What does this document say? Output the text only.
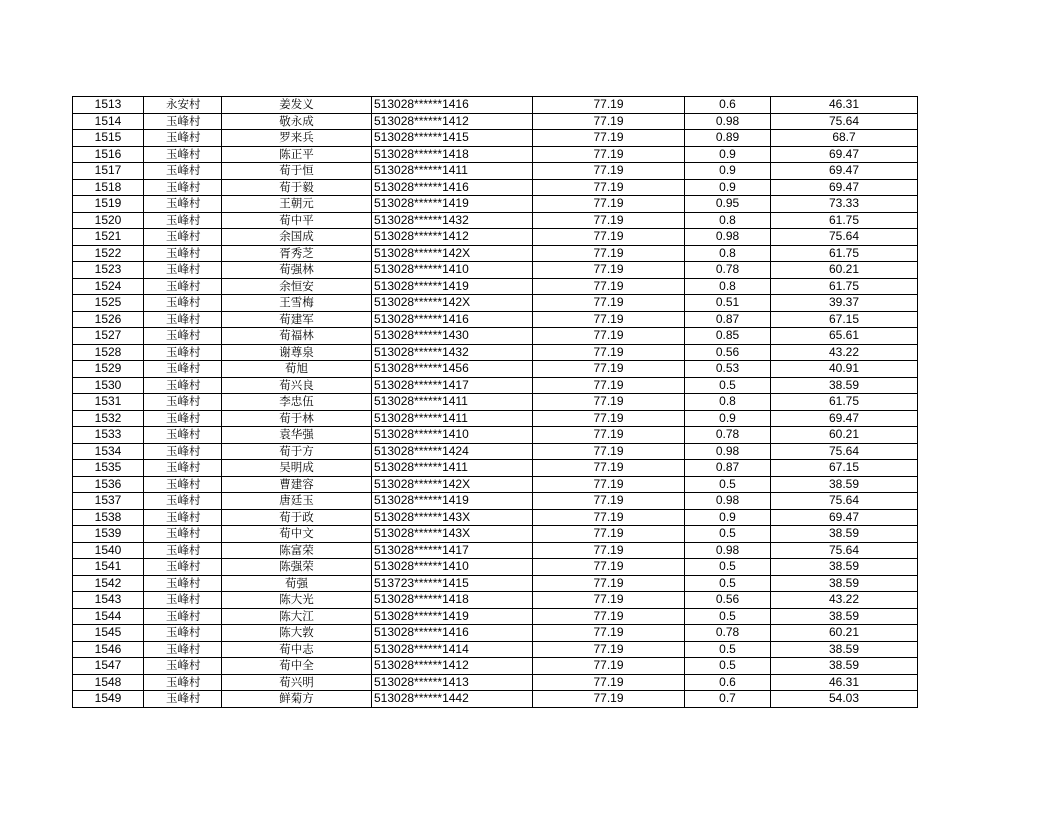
1513	永安村	姜发义	513028******1416	77.19	0.6	46.31
1514	玉峰村	敬永成	513028******1412	77.19	0.98	75.64
1515	玉峰村	罗来兵	513028******1415	77.19	0.89	68.7
1516	玉峰村	陈正平	513028******1418	77.19	0.9	69.47
1517	玉峰村	荀于恒	513028******1411	77.19	0.9	69.47
1518	玉峰村	荀于毅	513028******1416	77.19	0.9	69.47
1519	玉峰村	王朝元	513028******1419	77.19	0.95	73.33
1520	玉峰村	荀中平	513028******1432	77.19	0.8	61.75
1521	玉峰村	余国成	513028******1412	77.19	0.98	75.64
1522	玉峰村	胥秀芝	513028******142X	77.19	0.8	61.75
1523	玉峰村	荀强林	513028******1410	77.19	0.78	60.21
1524	玉峰村	余恒安	513028******1419	77.19	0.8	61.75
1525	玉峰村	王雪梅	513028******142X	77.19	0.51	39.37
1526	玉峰村	荀建军	513028******1416	77.19	0.87	67.15
1527	玉峰村	荀福林	513028******1430	77.19	0.85	65.61
1528	玉峰村	谢尊泉	513028******1432	77.19	0.56	43.22
1529	玉峰村	荀旭	513028******1456	77.19	0.53	40.91
1530	玉峰村	荀兴良	513028******1417	77.19	0.5	38.59
1531	玉峰村	李忠伍	513028******1411	77.19	0.8	61.75
1532	玉峰村	荀于林	513028******1411	77.19	0.9	69.47
1533	玉峰村	袁华强	513028******1410	77.19	0.78	60.21
1534	玉峰村	荀于方	513028******1424	77.19	0.98	75.64
1535	玉峰村	吴明成	513028******1411	77.19	0.87	67.15
1536	玉峰村	曹建容	513028******142X	77.19	0.5	38.59
1537	玉峰村	唐廷玉	513028******1419	77.19	0.98	75.64
1538	玉峰村	荀于政	513028******143X	77.19	0.9	69.47
1539	玉峰村	荀中文	513028******143X	77.19	0.5	38.59
1540	玉峰村	陈富荣	513028******1417	77.19	0.98	75.64
1541	玉峰村	陈强荣	513028******1410	77.19	0.5	38.59
1542	玉峰村	荀强	513723******1415	77.19	0.5	38.59
1543	玉峰村	陈大光	513028******1418	77.19	0.56	43.22
1544	玉峰村	陈大江	513028******1419	77.19	0.5	38.59
1545	玉峰村	陈大敦	513028******1416	77.19	0.78	60.21
1546	玉峰村	荀中志	513028******1414	77.19	0.5	38.59
1547	玉峰村	荀中全	513028******1412	77.19	0.5	38.59
1548	玉峰村	荀兴明	513028******1413	77.19	0.6	46.31
1549	玉峰村	鲜菊方	513028******1442	77.19	0.7	54.03
